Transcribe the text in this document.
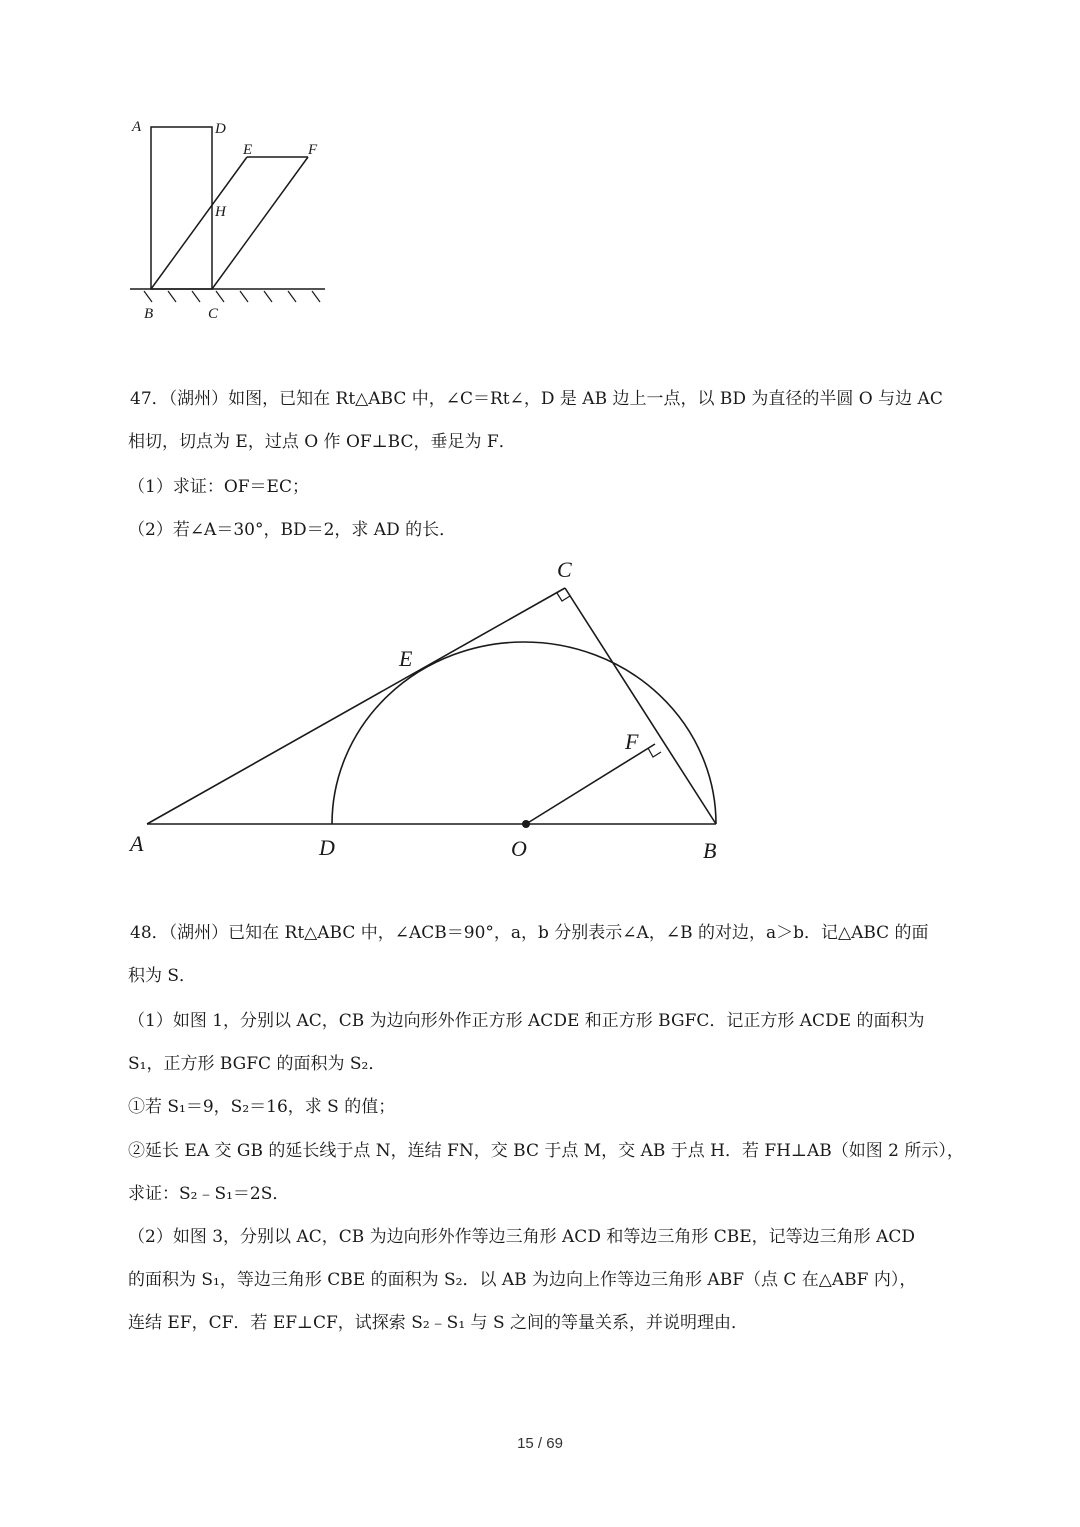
A	D
E	F
H
B	C
C
E
F
A	D	O	B
47．（湖州）如图，已知在 Rt△ABC 中，∠C＝Rt∠，D 是 AB 边上一点，以 BD 为直径的半圆 O 与边 AC
相切，切点为 E，过点 O 作 OF⊥BC，垂足为 F．
（1）求证：OF＝EC；
（2）若∠A＝30°，BD＝2，求 AD 的长．
48．（湖州）已知在 Rt△ABC 中，∠ACB＝90°，a，b 分别表示∠A，∠B 的对边，a＞b．记△ABC 的面
积为 S．
（1）如图 1，分别以 AC，CB 为边向形外作正方形 ACDE 和正方形 BGFC．记正方形 ACDE 的面积为
S₁，正方形 BGFC 的面积为 S₂．
①若 S₁＝9，S₂＝16，求 S 的值；
②延长 EA 交 GB 的延长线于点 N，连结 FN，交 BC 于点 M，交 AB 于点 H．若 FH⊥AB（如图 2 所示），
求证：S₂﹣S₁＝2S．
（2）如图 3，分别以 AC，CB 为边向形外作等边三角形 ACD 和等边三角形 CBE，记等边三角形 ACD
的面积为 S₁，等边三角形 CBE 的面积为 S₂．以 AB 为边向上作等边三角形 ABF（点 C 在△ABF 内），
连结 EF，CF．若 EF⊥CF，试探索 S₂﹣S₁ 与 S 之间的等量关系，并说明理由．
15 / 69
